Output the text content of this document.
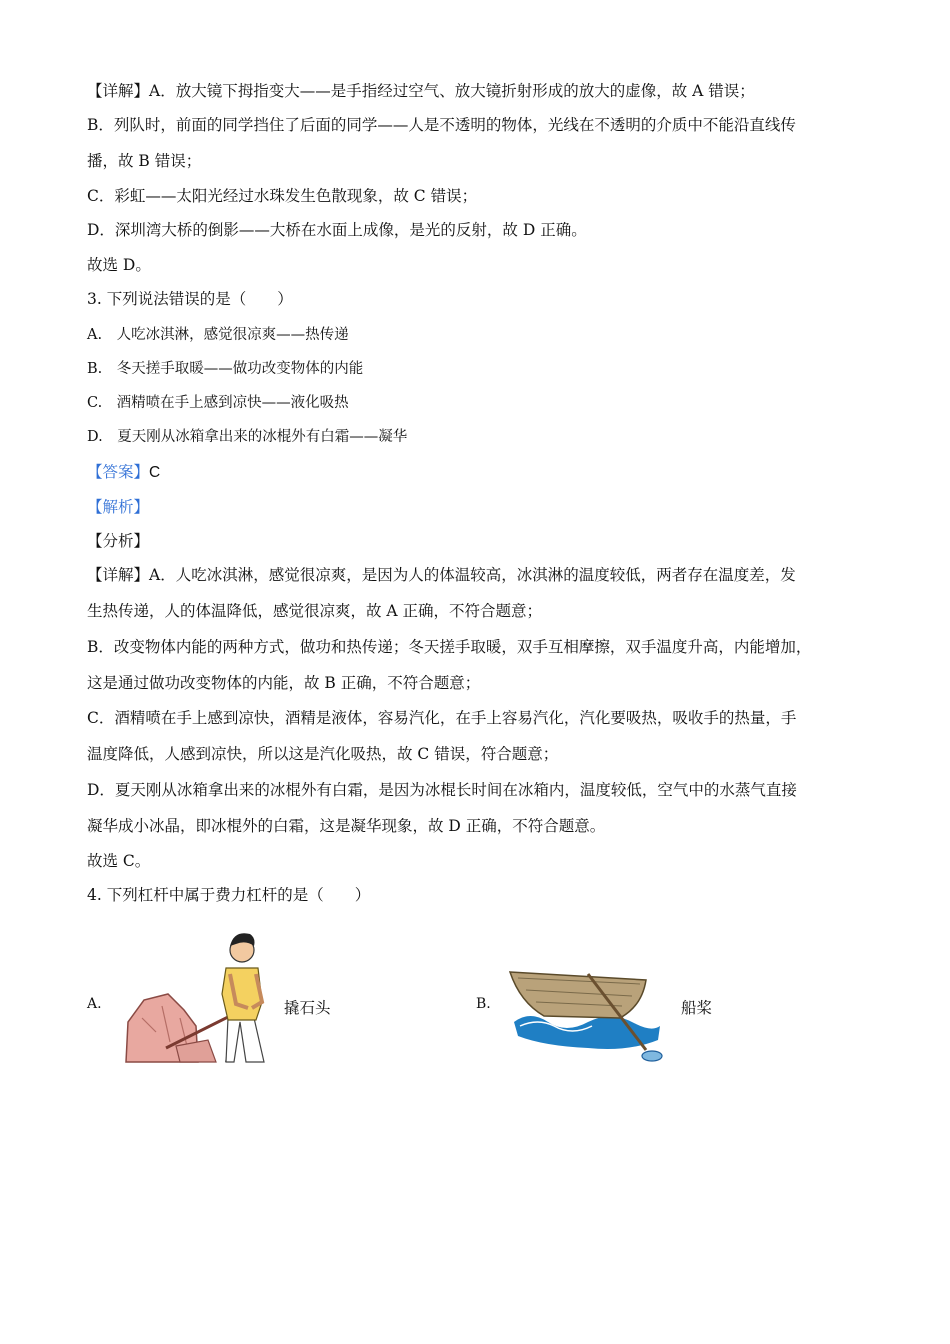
【详解】A．放大镜下拇指变大——是手指经过空气、放大镜折射形成的放大的虚像，故 A 错误；
B．列队时，前面的同学挡住了后面的同学——人是不透明的物体，光线在不透明的介质中不能沿直线传
播，故 B 错误；
C．彩虹——太阳光经过水珠发生色散现象，故 C 错误；
D．深圳湾大桥的倒影——大桥在水面上成像，是光的反射，故 D 正确。
故选 D。
3. 下列说法错误的是（　　）
A.　人吃冰淇淋，感觉很凉爽——热传递
B.　冬天搓手取暖——做功改变物体的内能
C.　酒精喷在手上感到凉快——液化吸热
D.　夏天刚从冰箱拿出来的冰棍外有白霜——凝华
【答案】C
【解析】
【分析】
【详解】A．人吃冰淇淋，感觉很凉爽，是因为人的体温较高，冰淇淋的温度较低，两者存在温度差，发
生热传递，人的体温降低，感觉很凉爽，故 A 正确，不符合题意；
B．改变物体内能的两种方式，做功和热传递；冬天搓手取暖，双手互相摩擦，双手温度升高，内能增加，
这是通过做功改变物体的内能，故 B 正确，不符合题意；
C．酒精喷在手上感到凉快，酒精是液体，容易汽化，在手上容易汽化，汽化要吸热，吸收手的热量，手
温度降低，人感到凉快，所以这是汽化吸热，故 C 错误，符合题意；
D．夏天刚从冰箱拿出来的冰棍外有白霜，是因为冰棍长时间在冰箱内，温度较低，空气中的水蒸气直接
凝华成小冰晶，即冰棍外的白霜，这是凝华现象，故 D 正确，不符合题意。
故选 C。
4. 下列杠杆中属于费力杠杆的是（　　）
A.	撬石头	B.	船桨
